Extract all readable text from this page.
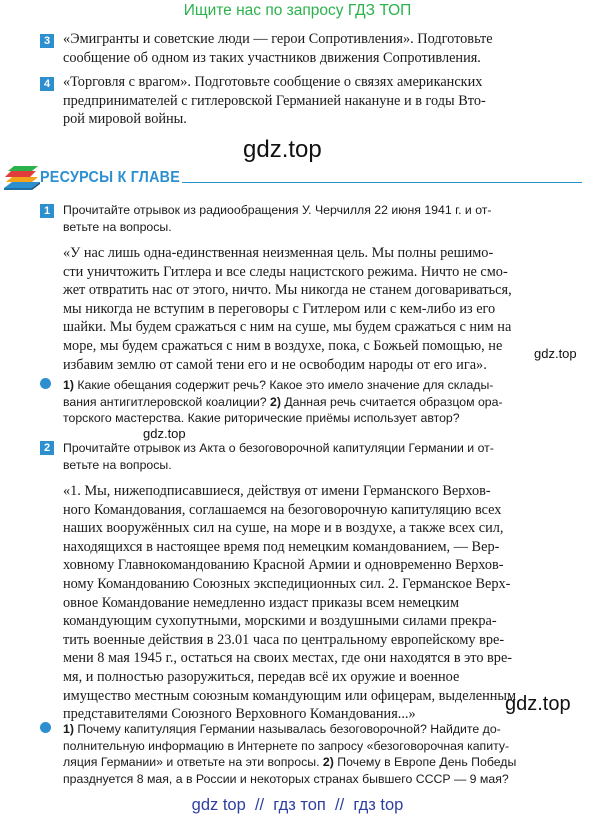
Ищите нас по запросу ГДЗ ТОП
3 «Эмигранты и советские люди — герои Сопротивления». Подготовьте
сообщение об одном из таких участников движения Сопротивления.
4 «Торговля с врагом». Подготовьте сообщение о связях американских
предпринимателей с гитлеровской Германией накануне и в годы Вто-
рой мировой войны.
gdz.top
РЕСУРСЫ К ГЛАВЕ
1	Прочитайте отрывок из радиообращения У. Черчилля 22 июня 1941 г. и от-
ветьте на вопросы.
«У нас лишь одна-единственная неизменная цель. Мы полны решимо-
сти уничтожить Гитлера и все следы нацистского режима. Ничто не смо-
жет отвратить нас от этого, ничто. Мы никогда не станем договариваться,
мы никогда не вступим в переговоры с Гитлером или с кем-либо из его
шайки. Мы будем сражаться с ним на суше, мы будем сражаться с ним на
море, мы будем сражаться с ним в воздухе, пока, с Божьей помощью, не
избавим землю от самой тени его и не освободим народы от его ига».
gdz.top
1) Какие обещания содержит речь? Какое это имело значение для склады-
вания антигитлеровской коалиции? 2) Данная речь считается образцом ора-
торского мастерства. Какие риторические приёмы использует автор?
gdz.top
2	Прочитайте отрывок из Акта о безоговорочной капитуляции Германии и от-
ветьте на вопросы.
«1. Мы, нижеподписавшиеся, действуя от имени Германского Верхов-
ного Командования, соглашаемся на безоговорочную капитуляцию всех
наших вооружённых сил на суше, на море и в воздухе, а также всех сил,
находящихся в настоящее время под немецким командованием, — Вер-
ховному Главнокомандованию Красной Армии и одновременно Верхов-
ному Командованию Союзных экспедиционных сил. 2. Германское Верх-
овное Командование немедленно издаст приказы всем немецким
командующим сухопутными, морскими и воздушными силами прекра-
тить военные действия в 23.01 часа по центральному европейскому вре-
мени 8 мая 1945 г., остаться на своих местах, где они находятся в это вре-
мя, и полностью разоружиться, передав всё их оружие и военное
имущество местным союзным командующим или офицерам, выделенным
представителями Союзного Верховного Командования...»	gdz.top
1) Почему капитуляция Германии называлась безоговорочной? Найдите до-
полнительную информацию в Интернете по запросу «безоговорочная капиту-
ляция Германии» и ответьте на эти вопросы. 2) Почему в Европе День Победы
празднуется 8 мая, а в России и некоторых странах бывшего СССР — 9 мая?
gdz top  //  гдз топ  //  гдз top
